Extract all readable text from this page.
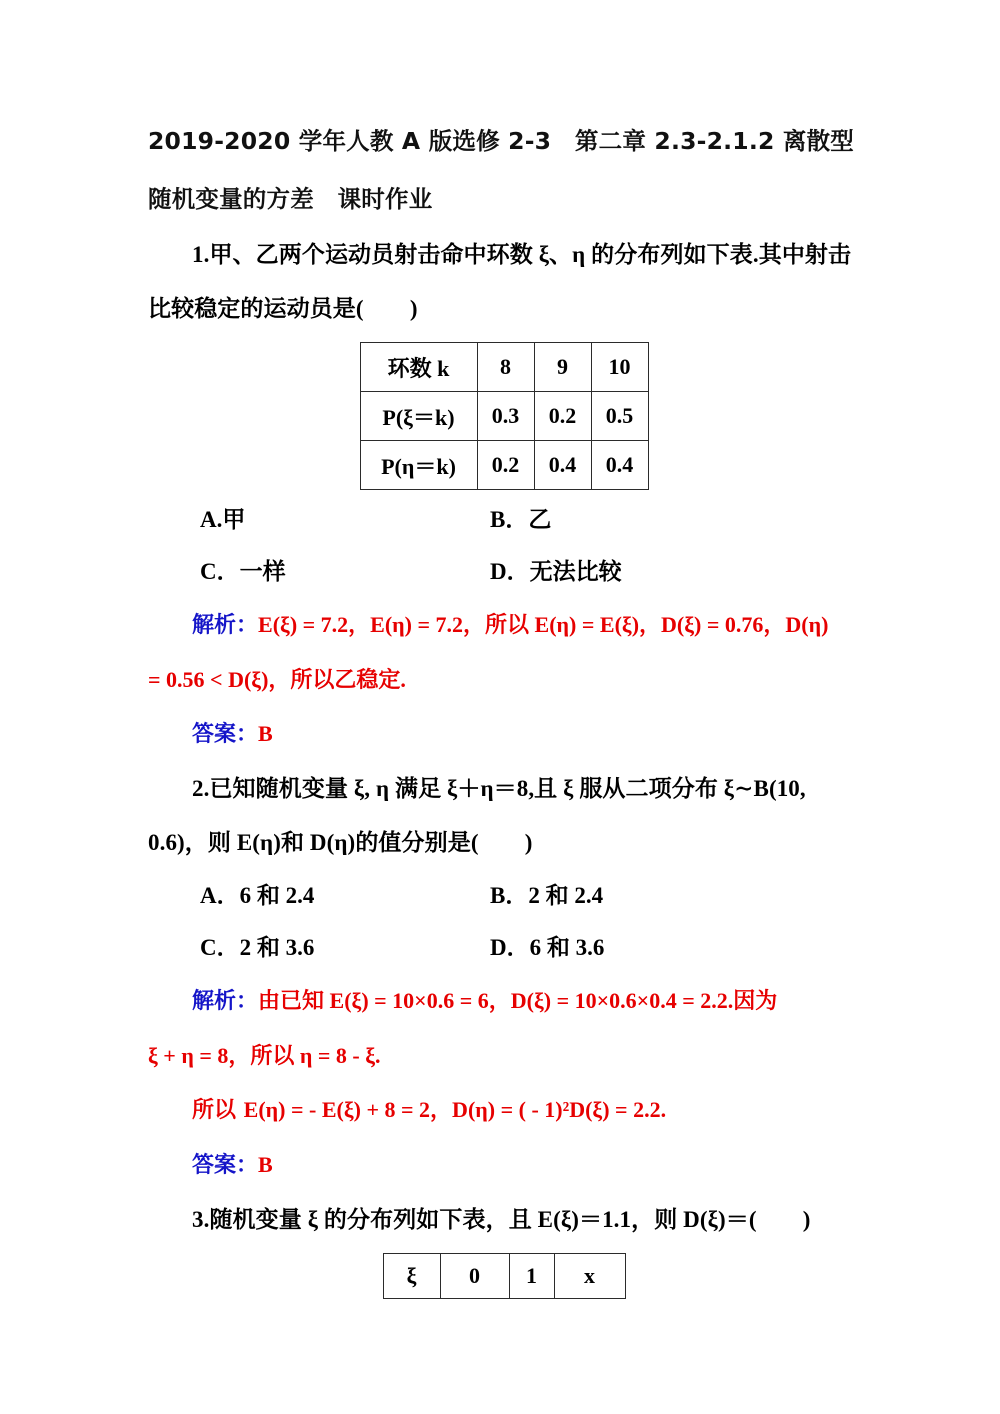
2019-2020 学年人教 A 版选修 2-3　第二章 2.3-2.1.2 离散型随机变量的方差　课时作业
1.甲、乙两个运动员射击命中环数 ξ、η 的分布列如下表.其中射击
比较稳定的运动员是(　　)
环数 k	8	9	10
P(ξ＝k)	0.3	0.2	0.5
P(η＝k)	0.2	0.4	0.4
A.甲	B．乙
C．一样	D．无法比较
解析：E(ξ) = 7.2，E(η) = 7.2，所以 E(η) = E(ξ)，D(ξ) = 0.76，D(η)
= 0.56 < D(ξ)，所以乙稳定.
答案：B
2.已知随机变量 ξ, η 满足 ξ＋η＝8,且 ξ 服从二项分布 ξ∼B(10,
0.6)，则 E(η)和 D(η)的值分别是(　　)
A．6 和 2.4	B．2 和 2.4
C．2 和 3.6	D．6 和 3.6
解析：由已知 E(ξ) = 10×0.6 = 6，D(ξ) = 10×0.6×0.4 = 2.2.因为
ξ + η = 8，所以 η = 8 - ξ.
所以 E(η) = - E(ξ) + 8 = 2，D(η) = ( - 1)²D(ξ) = 2.2.
答案：B
3.随机变量 ξ 的分布列如下表，且 E(ξ)＝1.1，则 D(ξ)＝(　　)
ξ	0	1	x
